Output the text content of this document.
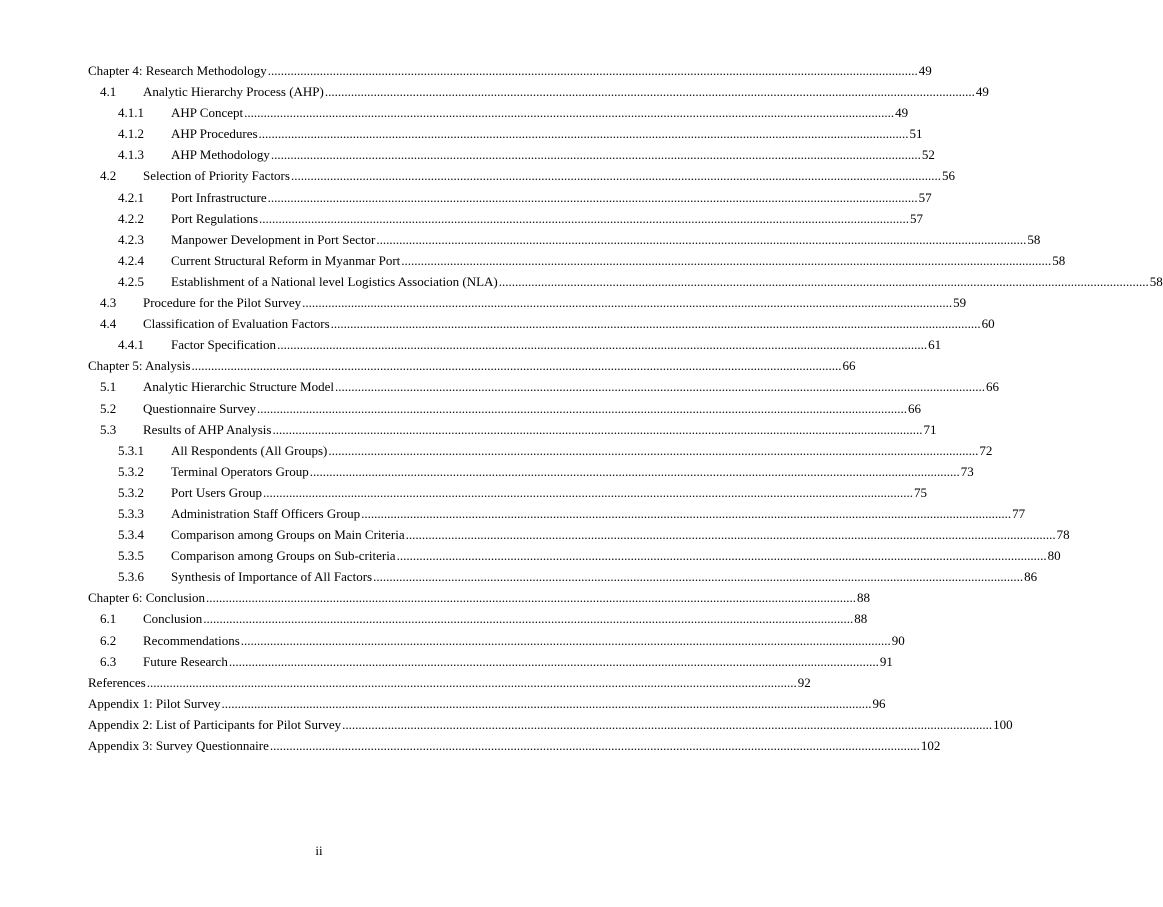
Chapter 4: Research Methodology ........................................................................................................................................................................................................ 49
4.1 Analytic Hierarchy Process (AHP) ........................................................................................................................................................................................................ 49
4.1.1 AHP Concept ........................................................................................................................................................................................................ 49
4.1.2 AHP Procedures ........................................................................................................................................................................................................ 51
4.1.3 AHP Methodology ........................................................................................................................................................................................................ 52
4.2 Selection of Priority Factors ........................................................................................................................................................................................................ 56
4.2.1 Port Infrastructure ........................................................................................................................................................................................................ 57
4.2.2 Port Regulations ........................................................................................................................................................................................................ 57
4.2.3 Manpower Development in Port Sector ........................................................................................................................................................................................................ 58
4.2.4 Current Structural Reform in Myanmar Port ........................................................................................................................................................................................................ 58
4.2.5 Establishment of a National level Logistics Association (NLA) ........................................................................................................................................................................................................ 58
4.3 Procedure for the Pilot Survey ........................................................................................................................................................................................................ 59
4.4 Classification of Evaluation Factors ........................................................................................................................................................................................................ 60
4.4.1 Factor Specification ........................................................................................................................................................................................................ 61
Chapter 5: Analysis ........................................................................................................................................................................................................ 66
5.1 Analytic Hierarchic Structure Model ........................................................................................................................................................................................................ 66
5.2 Questionnaire Survey ........................................................................................................................................................................................................ 66
5.3 Results of AHP Analysis ........................................................................................................................................................................................................ 71
5.3.1 All Respondents (All Groups) ........................................................................................................................................................................................................ 72
5.3.2 Terminal Operators Group ........................................................................................................................................................................................................ 73
5.3.2 Port Users Group ........................................................................................................................................................................................................ 75
5.3.3 Administration Staff Officers Group ........................................................................................................................................................................................................ 77
5.3.4 Comparison among Groups on Main Criteria ........................................................................................................................................................................................................ 78
5.3.5 Comparison among Groups on Sub-criteria ........................................................................................................................................................................................................ 80
5.3.6 Synthesis of Importance of All Factors ........................................................................................................................................................................................................ 86
Chapter 6: Conclusion ........................................................................................................................................................................................................ 88
6.1 Conclusion ........................................................................................................................................................................................................ 88
6.2 Recommendations ........................................................................................................................................................................................................ 90
6.3 Future Research ........................................................................................................................................................................................................ 91
References ........................................................................................................................................................................................................ 92
Appendix 1: Pilot Survey ........................................................................................................................................................................................................ 96
Appendix 2: List of Participants for Pilot Survey ........................................................................................................................................................................................................ 100
Appendix 3: Survey Questionnaire ........................................................................................................................................................................................................ 102
ii
